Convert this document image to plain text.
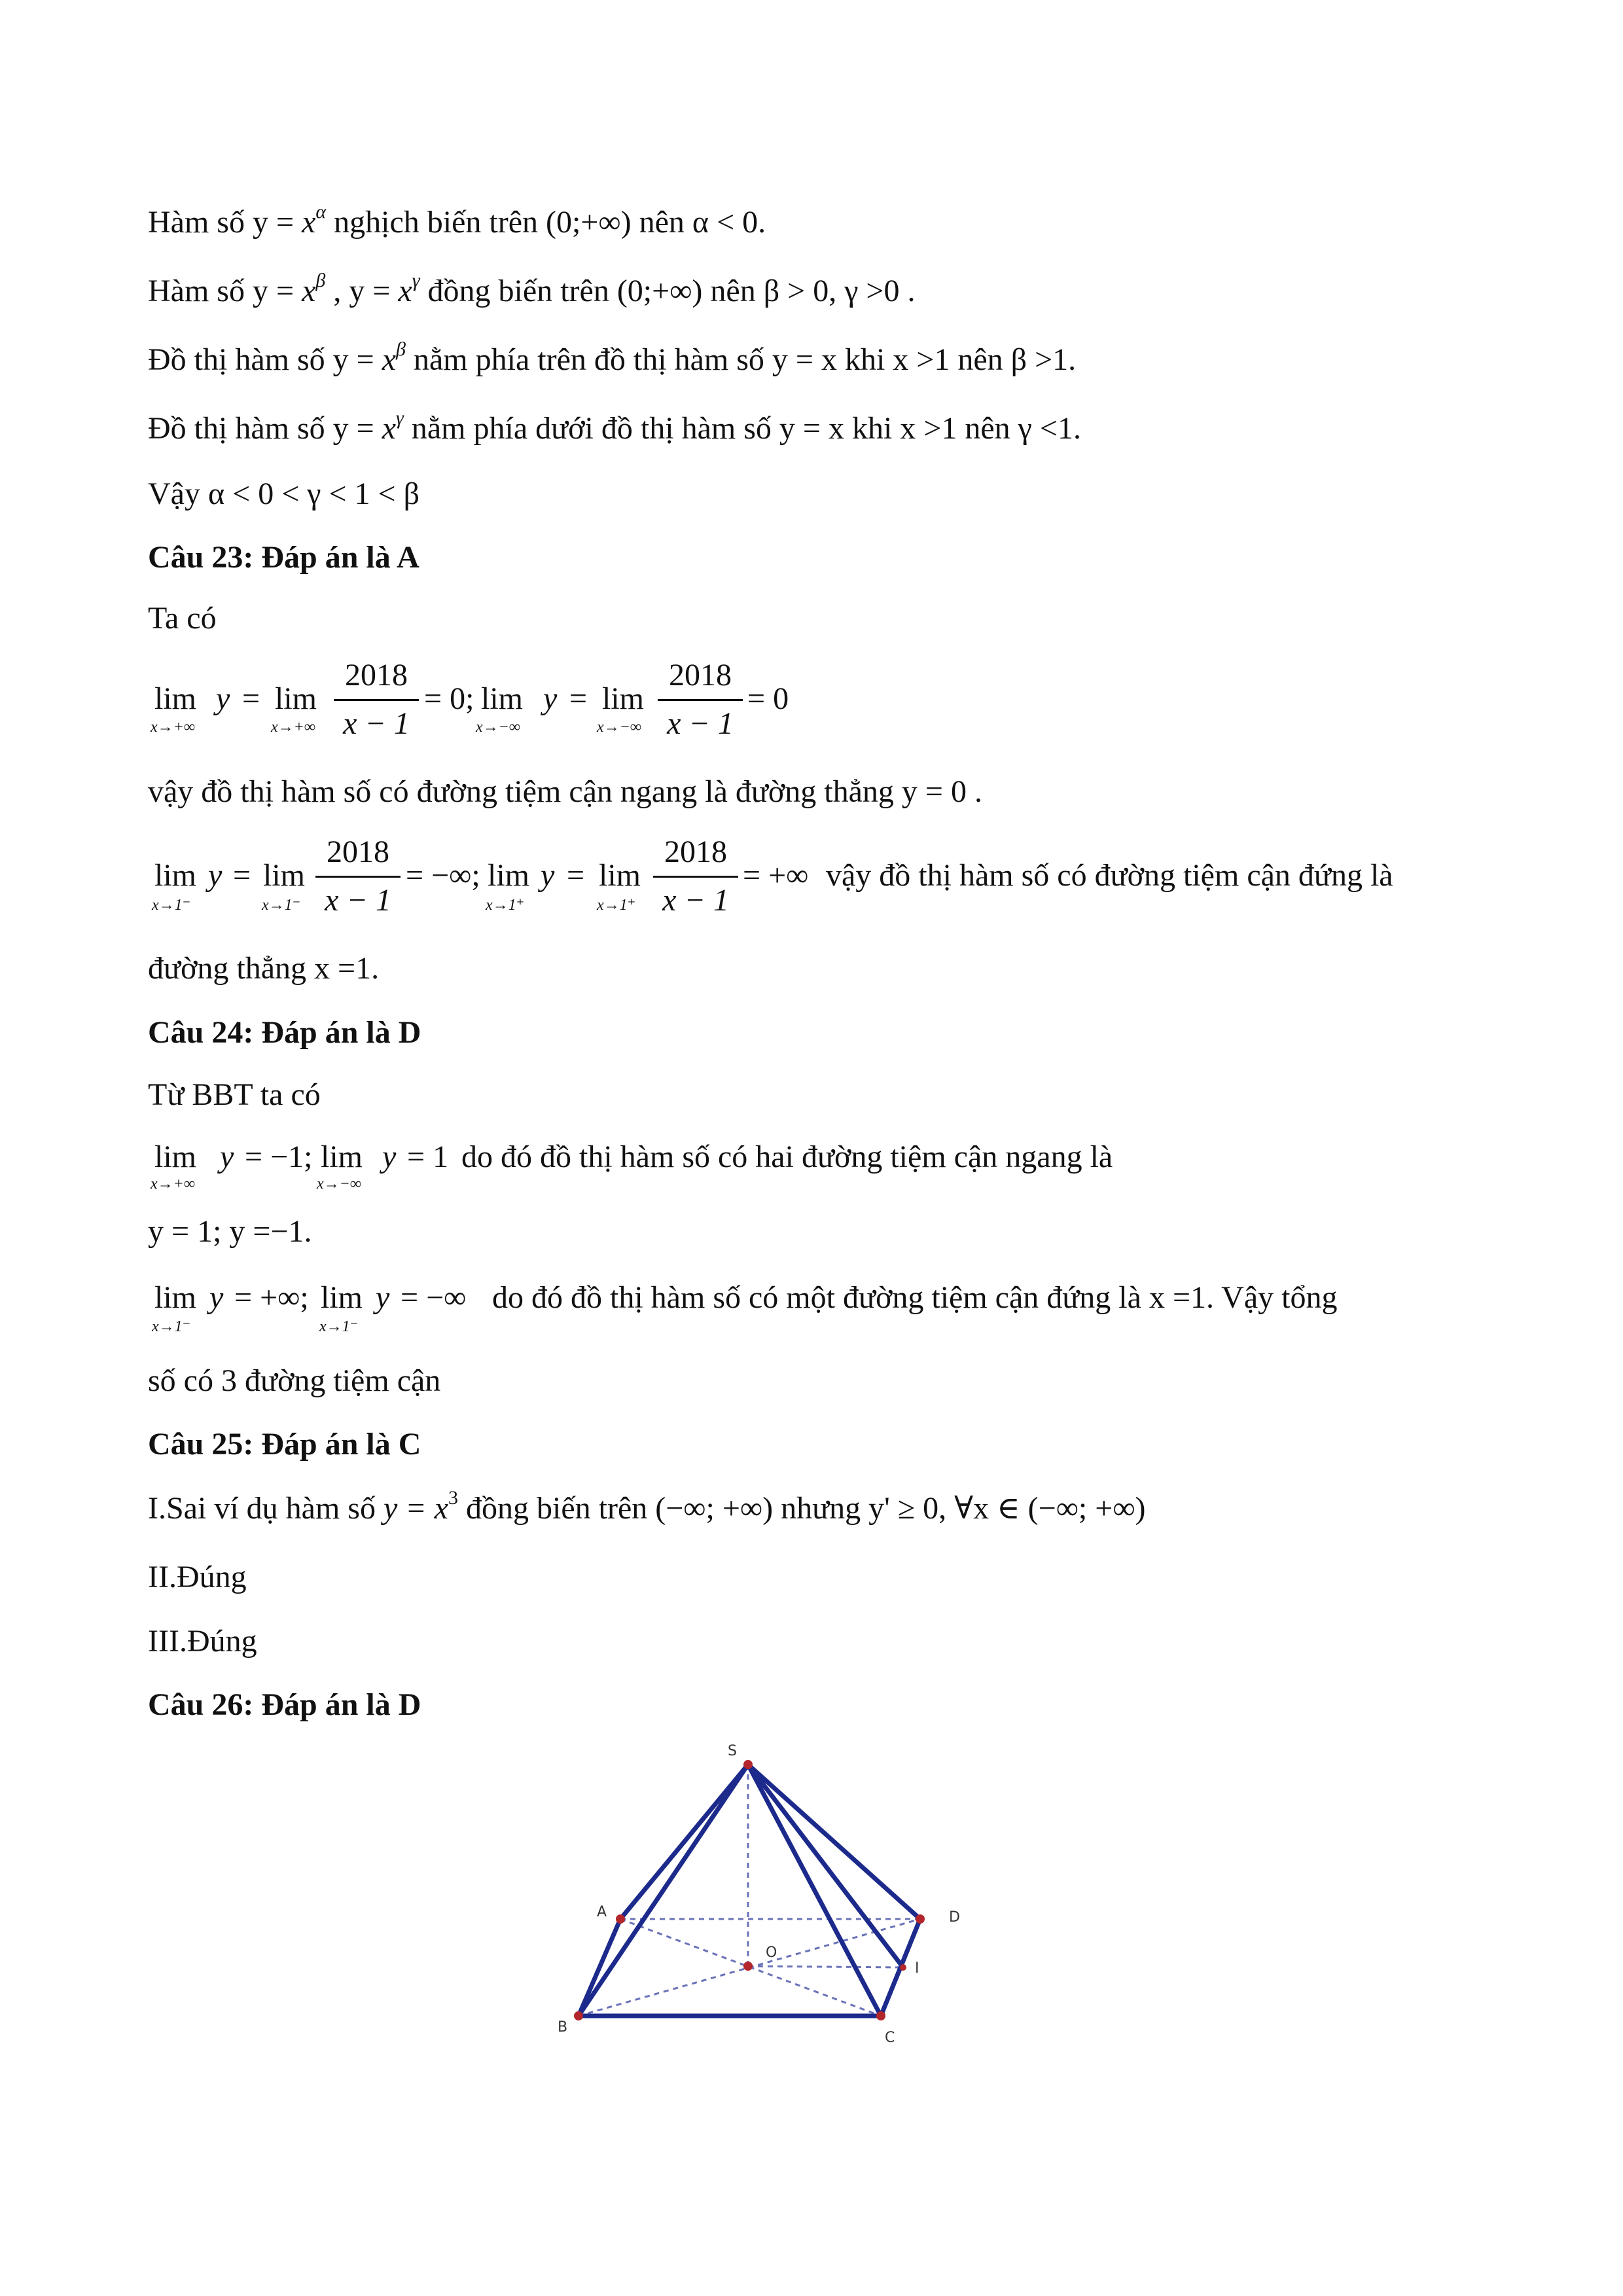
Hàm số $y = x^\alpha$ nghịch biến trên (0;+∞) nên α < 0.
Hàm số $y = x^\beta$ , $y = x^\gamma$ đồng biến trên (0;+∞) nên β > 0, γ >0 .
Đồ thị hàm số $y = x^\beta$ nằm phía trên đồ thị hàm số y = x khi x >1 nên β >1.
Đồ thị hàm số $y = x^\gamma$ nằm phía dưới đồ thị hàm số y = x khi x >1 nên γ <1.
Vậy α < 0 < γ < 1 < β
Câu 23: Đáp án là A
Ta có
lim
x→+∞
y = lim
x→+∞
2018
x − 1
= 0; lim
x→−∞
y = lim
x→−∞
2018
x − 1
= 0
vậy đồ thị hàm số có đường tiệm cận ngang là đường thẳng y = 0 .
lim
x→1⁻
y = lim
x→1⁻
2018
x − 1
= −∞; lim
x→1⁺
y = lim
x→1⁺
2018
x − 1
= +∞ vậy đồ thị hàm số có đường tiệm cận đứng là
đường thẳng x =1.
Câu 24: Đáp án là D
Từ BBT ta có
lim
x→+∞
y = −1; lim
x→−∞
y = 1 do đó đồ thị hàm số có hai đường tiệm cận ngang là
y = 1; y =−1.
lim
x→1⁻
y = +∞; lim
x→1⁻
y = −∞ do đó đồ thị hàm số có một đường tiệm cận đứng là x =1. Vậy tổng
số có 3 đường tiệm cận
Câu 25: Đáp án là C
I.Sai ví dụ hàm số $y = x^3$ đồng biến trên (−∞; +∞) nhưng y' ≥ 0, ∀x ∈ (−∞; +∞)
II.Đúng
III.Đúng
Câu 26: Đáp án là D
S
A
B
C
D
O
I
